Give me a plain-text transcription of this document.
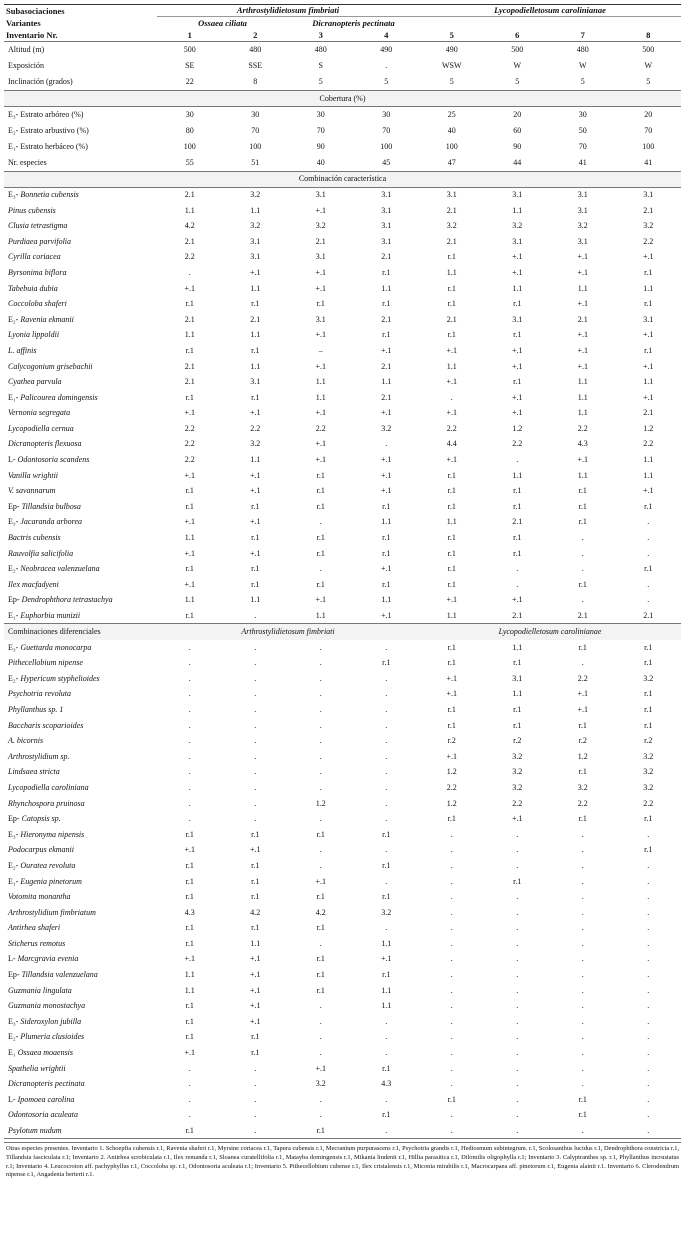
Subasociaciones	Arthrostylidietosum fimbriati				Lycopodielletosum carolinianae			
Variantes	Ossaea ciliata		Dicranopteris pectinata					
Inventario Nr.	1	2	3	4	5	6	7	8
Altitud (m)	500	480	480	490	490	500	480	500
Exposición	SE	SSE	S	.	WSW	W	W	W
Inclinación (grados)	22	8	5	5	5	5	5	5
Cobertura (%)								
E₃- Estrato arbóreo (%)	30	30	30	30	25	20	30	20
E₂- Estrato arbustivo (%)	80	70	70	70	40	60	50	70
E₁- Estrato herbáceo (%)	100	100	90	100	100	90	70	100
Nr. especies	55	51	40	45	47	44	41	41
Combinación característica								
E₃- Bonnetia cubensis	2.1	3.2	3.1	3.1	3.1	3.1	3.1	3.1
Pinus cubensis	1.1	1.1	+.1	3.1	2.1	1.1	3.1	2.1
Clusia tetrastigma	4.2	3.2	3.2	3.1	3.2	3.2	3.2	3.2
Purdiaea parvifolia	2.1	3.1	2.1	3.1	2.1	3.1	3.1	2.2
Cyrilla coriacea	2.2	3.1	3.1	2.1	r.1	+.1	+.1	+.1
Byrsonima biflora	.	+.1	+.1	r.1	1.1	+.1	+.1	r.1
Tabebuia dubia	+.1	1.1	+.1	1.1	r.1	1.1	1.1	1.1
Coccoloba shaferi	r.1	r.1	r.1	r.1	r.1	r.1	+.1	r.1
E₂- Ravenia ekmanii	2.1	2.1	3.1	2.1	2.1	3.1	2.1	3.1
Lyonia lippoldii	1.1	1.1	+.1	r.1	r.1	r.1	+.1	+.1
L. affinis	r.1	r.1	–	+.1	+.1	+.1	+.1	r.1
Calycogonium grisebachii	2.1	1.1	+.1	2.1	1.1	+.1	+.1	+.1
Cyathea parvula	2.1	3.1	1.1	1.1	+.1	r.1	1.1	1.1
E₁- Palicourea domingensis	r.1	r.1	1.1	2.1	.	+.1	1.1	+.1
Vernonia segregata	+.1	+.1	+.1	+.1	+.1	+.1	1.1	2.1
Lycopodiella cernua	2.2	2.2	2.2	3.2	2.2	1.2	2.2	1.2
Dicranopteris flexuosa	2.2	3.2	+.1	.	4.4	2.2	4.3	2.2
L- Odontosoria scandens	2.2	1.1	+.1	+.1	+.1	.	+.1	1.1
Vanilla wrightii	+.1	+.1	r.1	+.1	r.1	1.1	1.1	1.1
V. savannarum	r.1	+.1	r.1	+.1	r.1	r.1	r.1	+.1
Ep- Tillandsia bulbosa	r.1	r.1	r.1	r.1	r.1	r.1	r.1	r.1
E₃- Jacaranda arborea	+.1	+.1	.	1.1	1.1	2.1	r.1	.
Bactris cubensis	1.1	r.1	r.1	r.1	r.1	r.1	.	.
Rauvolfia salicifolia	+.1	+.1	r.1	r.1	r.1	r.1	.	.
E₂- Neobracea valenzuelana	r.1	r.1	.	+.1	r.1	.	.	r.1
Ilex macfadyeni	+.1	r.1	r.1	r.1	r.1	.	r.1	.
Ep- Dendrophthora tetrastachya	1.1	1.1	+.1	1.1	+.1	+.1	.	.
E₁- Euphorbia munizii	r.1	.	1.1	+.1	1.1	2.1	2.1	2.1
Combinaciones diferenciales	Arthrostylidietosum fimbriati				Lycopodielletosum carolinianae			
E₃- Guettarda monocarpa	.	.	.	.	r.1	1.1	r.1	r.1
Pithecellobium nipense	.	.	.	r.1	r.1	r.1	.	r.1
E₂- Hypericum styphelioides	.	.	.	.	+.1	3.1	2.2	3.2
Psychotria revoluta	.	.	.	.	+.1	1.1	+.1	r.1
Phyllanthus sp. 1	.	.	.	.	r.1	r.1	+.1	r.1
Baccharis scoparioides	.	.	.	.	r.1	r.1	r.1	r.1
A. bicornis	.	.	.	.	r.2	r.2	r.2	r.2
Arthrostylidium sp.	.	.	.	.	+.1	3.2	1.2	3.2
Lindsaea stricta	.	.	.	.	1.2	3.2	r.1	3.2
Lycopodiella caroliniana	.	.	.	.	2.2	3.2	3.2	3.2
Rhynchospora pruinosa	.	.	1.2	.	1.2	2.2	2.2	2.2
Ep- Catopsis sp.	.	.	.	.	r.1	+.1	r.1	r.1
E₃- Hieronyma nipensis	r.1	r.1	r.1	r.1	.	.	.	.
Podocarpus ekmanii	+.1	+.1	.	.	.	.	.	r.1
E₂- Ouratea revoluta	r.1	r.1	.	r.1	.	.	.	.
E₁- Eugenia pinetorum	r.1	r.1	+.1	.	.	r.1	.	.
Votomita monantha	r.1	r.1	r.1	r.1	.	.	.	.
Arthrostylidium fimbriatum	4.3	4.2	4.2	3.2	.	.	.	.
Antirhea shaferi	r.1	r.1	r.1	.	.	.	.	.
Sticherus remotus	r.1	1.1	.	1.1	.	.	.	.
L- Marcgravia evenia	+.1	+.1	r.1	+.1	.	.	.	.
Ep- Tillandsia valenzuelana	1.1	+.1	r.1	r.1	.	.	.	.
Guzmania lingulata	1.1	+.1	r.1	1.1	.	.	.	.
Guzmania monostachya	r.1	+.1	.	1.1	.	.	.	.
E₃- Sideroxylon jubilla	r.1	+.1	.	.	.	.	.	.
E₂- Plumeria clusioides	r.1	r.1	.	.	.	.	.	.
E₁ Ossaea moaensis	+.1	r.1	.	.	.	.	.	.
Spathelia wrightii	.	.	+.1	r.1	.	.	.	.
Dicranopteris pectinata	.	.	3.2	4.3	.	.	.	.
L- Ipomoea carolina	.	.	.	.	r.1	.	r.1	.
Odontosoria aculeata	.	.	.	r.1	.	.	r.1	.
Psylotum nudum	r.1	.	r.1	.	.	.	.	.
Otras especies presentes. Inventario 1. Schoepfia cubensis r.1, Ravenia shaferi r.1, Myrsine coriacea r.1, Tapura cubensis r.1, Mecranium purpurascens r.1, Psychotria grandis r.1, Hediosmum subintegrum. r.1, Scolosanthus lucidus r.1, Dendrophthora constricta r.1, Tillandsia fasciculata r.1; Inventario 2. Antirhea scrobiculata r.1, Ilex remanda r.1, Sloanea curatellifolia r.1, Matayba domingensis r.1, Mikania lindenii r.1, Hillia parasitica r.1, Dilomilis oligophylla r.1; Inventario 3. Calyptranthes sp. r.1, Phyllanthus incrustatus r.1; Inventario 4. Leucocroton aff. pachyphyllus r.1, Coccoloba sp. r.1, Odontosoria aculeata r.1; Inventario 5. Pithecellobium cubense r.1, Ilex cristalensis r.1, Miconia mirabilis r.1, Macrocarpaea aff. pinetorum r.1, Eugenia alainii r.1. Inventario 6. Clerodendrum nipense r.1, Angadenia berterii r.1.
